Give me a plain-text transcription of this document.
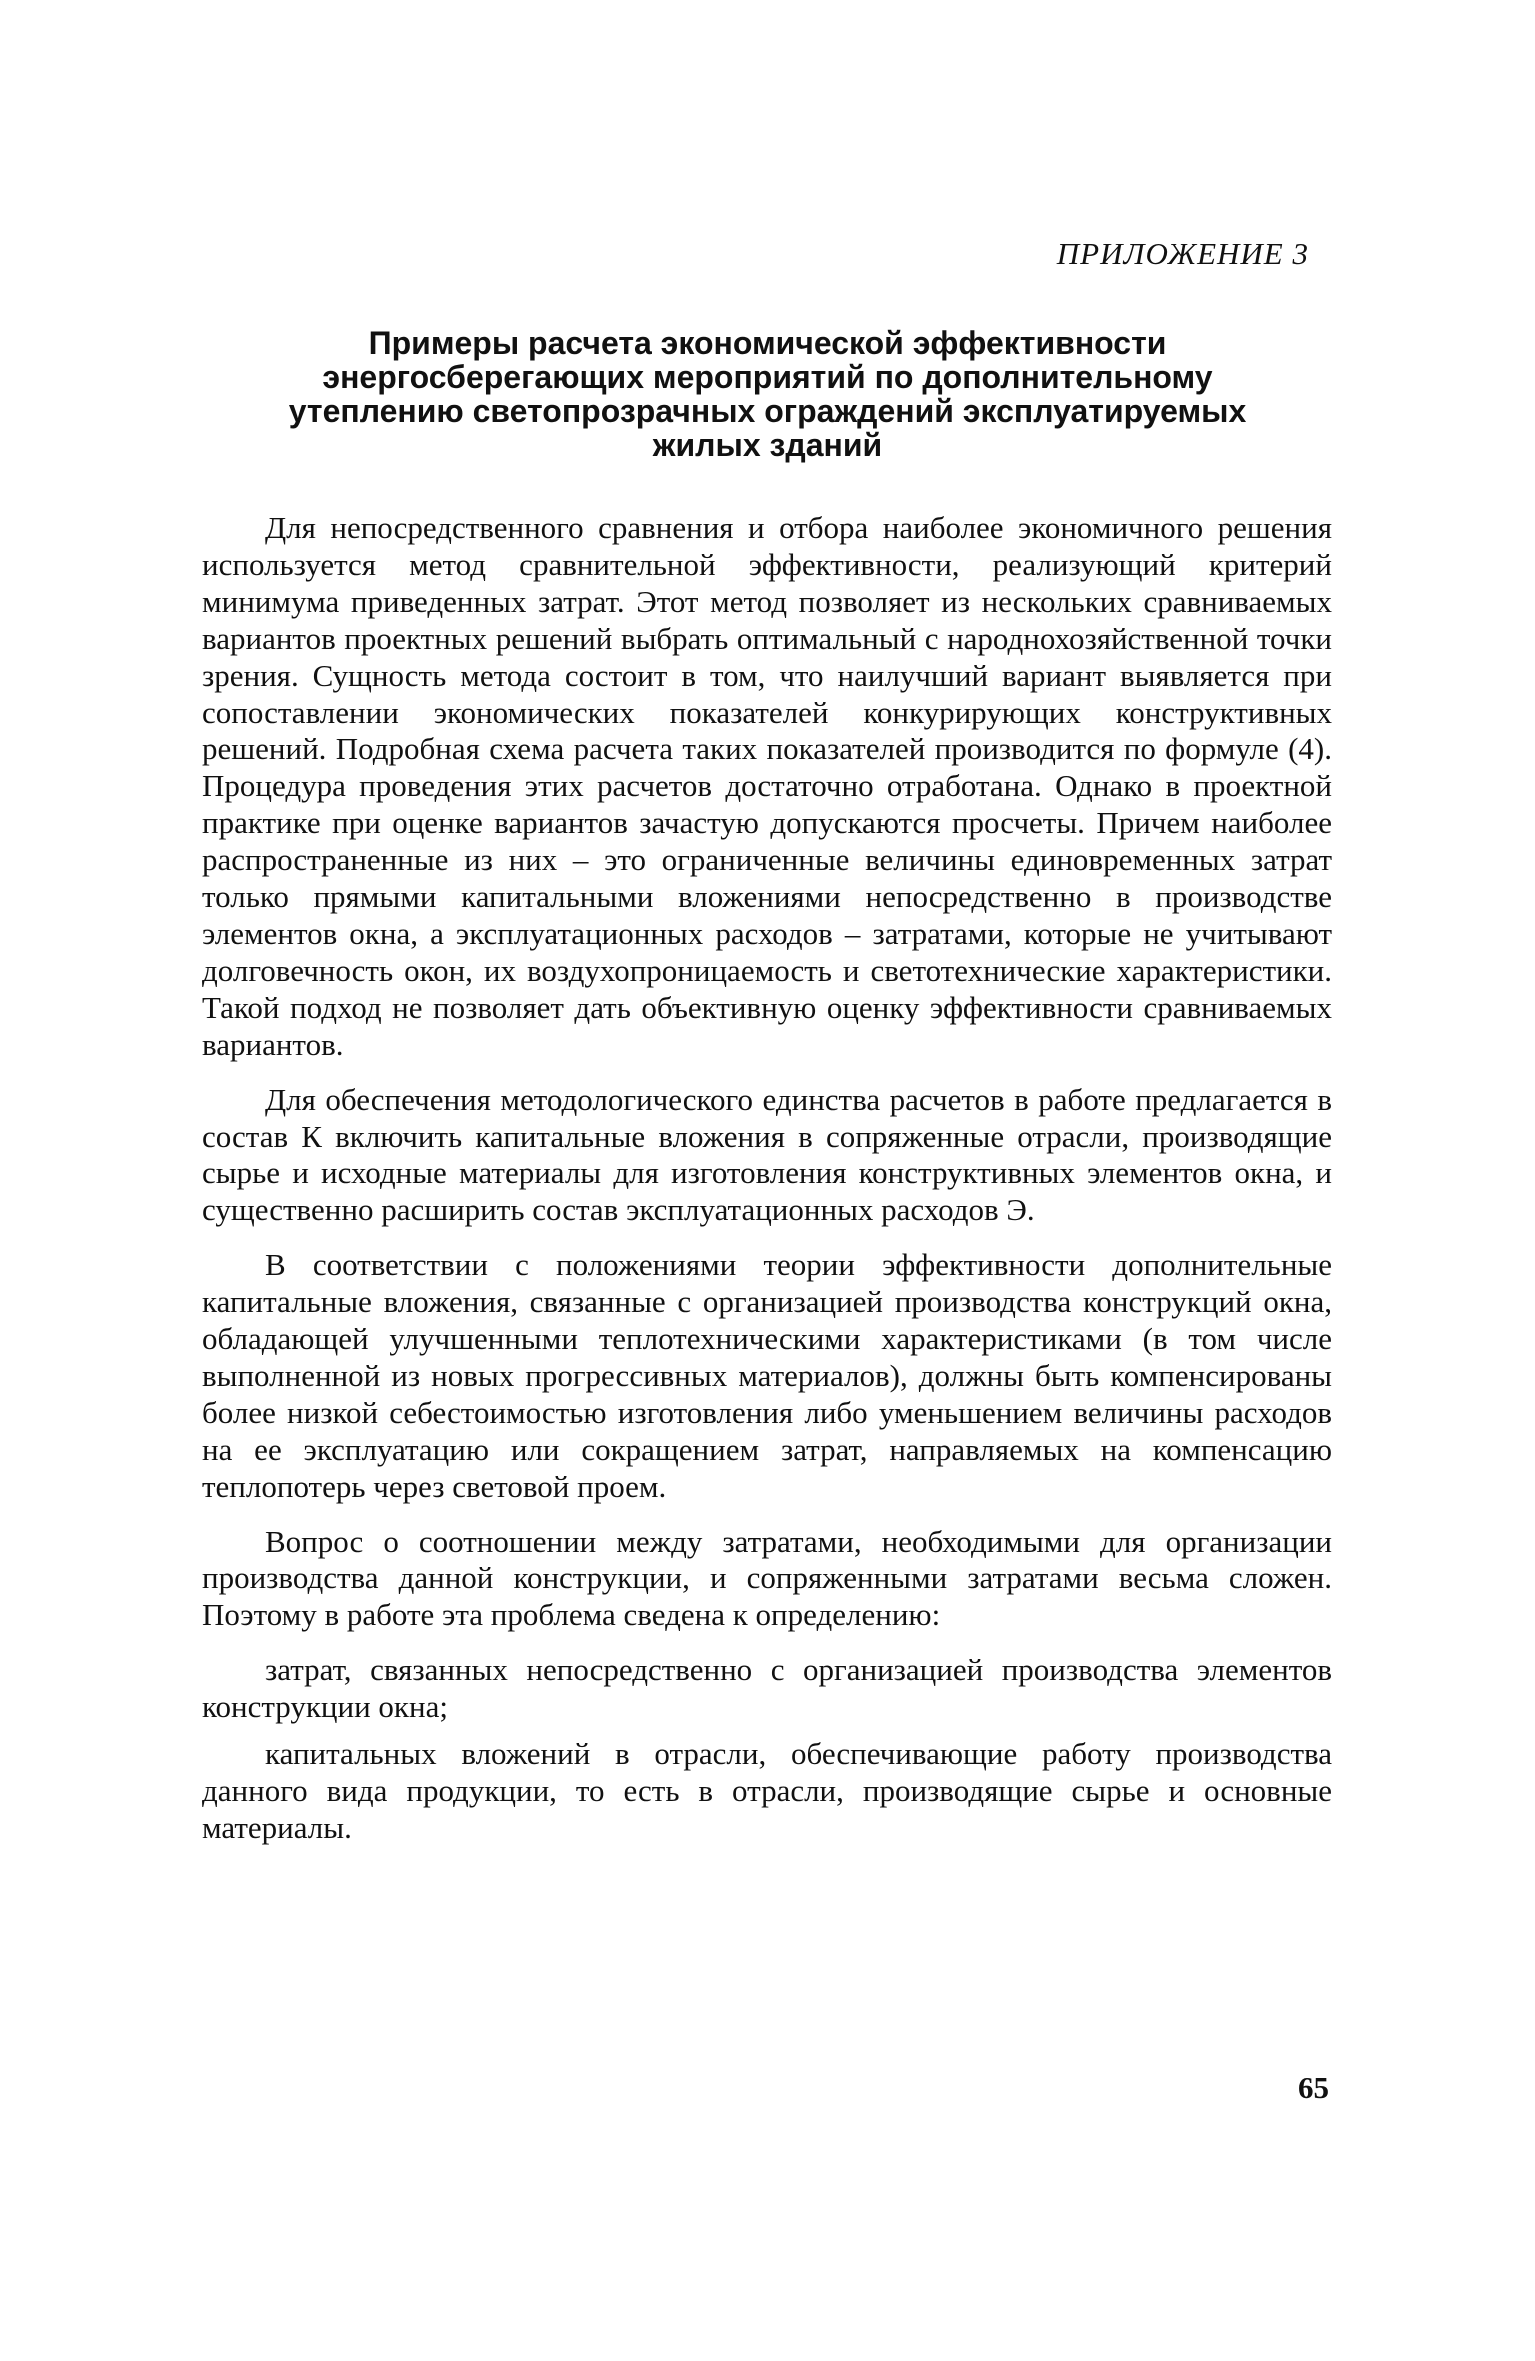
ПРИЛОЖЕНИЕ 3
Примеры расчета экономической эффективности
энергосберегающих мероприятий по дополнительному
утеплению светопрозрачных ограждений эксплуатируемых
жилых зданий

Для непосредственного сравнения и отбора наиболее экономичного решения используется метод сравнительной эффективности, реализующий критерий минимума приведенных затрат. Этот метод позволяет из нескольких сравниваемых вариантов проектных решений выбрать оптимальный с народнохозяйственной точки зрения. Сущность метода состоит в том, что наилучший вариант выявляется при сопоставлении экономических показателей конкурирующих конструктивных решений. Подробная схема расчета таких показателей производится по формуле (4). Процедура проведения этих расчетов достаточно отработана. Однако в проектной практике при оценке вариантов зачастую допускаются просчеты. Причем наиболее распространенные из них – это ограниченные величины единовременных затрат только прямыми капитальными вложениями непосредственно в производстве элементов окна, а эксплуатационных расходов – затратами, которые не учитывают долговечность окон, их воздухопроницаемость и светотехнические характеристики. Такой подход не позволяет дать объективную оценку эффективности сравниваемых вариантов.

Для обеспечения методологического единства расчетов в работе предлагается в состав К включить капитальные вложения в сопряженные отрасли, производящие сырье и исходные материалы для изготовления конструктивных элементов окна, и существенно расширить состав эксплуатационных расходов Э.

В соответствии с положениями теории эффективности дополнительные капитальные вложения, связанные с организацией производства конструкций окна, обладающей улучшенными теплотехническими характеристиками (в том числе выполненной из новых прогрессивных материалов), должны быть компенсированы более низкой себестоимостью изготовления либо уменьшением величины расходов на ее эксплуатацию или сокращением затрат, направляемых на компенсацию теплопотерь через световой проем.

Вопрос о соотношении между затратами, необходимыми для организации производства данной конструкции, и сопряженными затратами весьма сложен. Поэтому в работе эта проблема сведена к определению:

затрат, связанных непосредственно с организацией производства элементов конструкции окна;

капитальных вложений в отрасли, обеспечивающие работу производства данного вида продукции, то есть в отрасли, производящие сырье и основные материалы.

65
